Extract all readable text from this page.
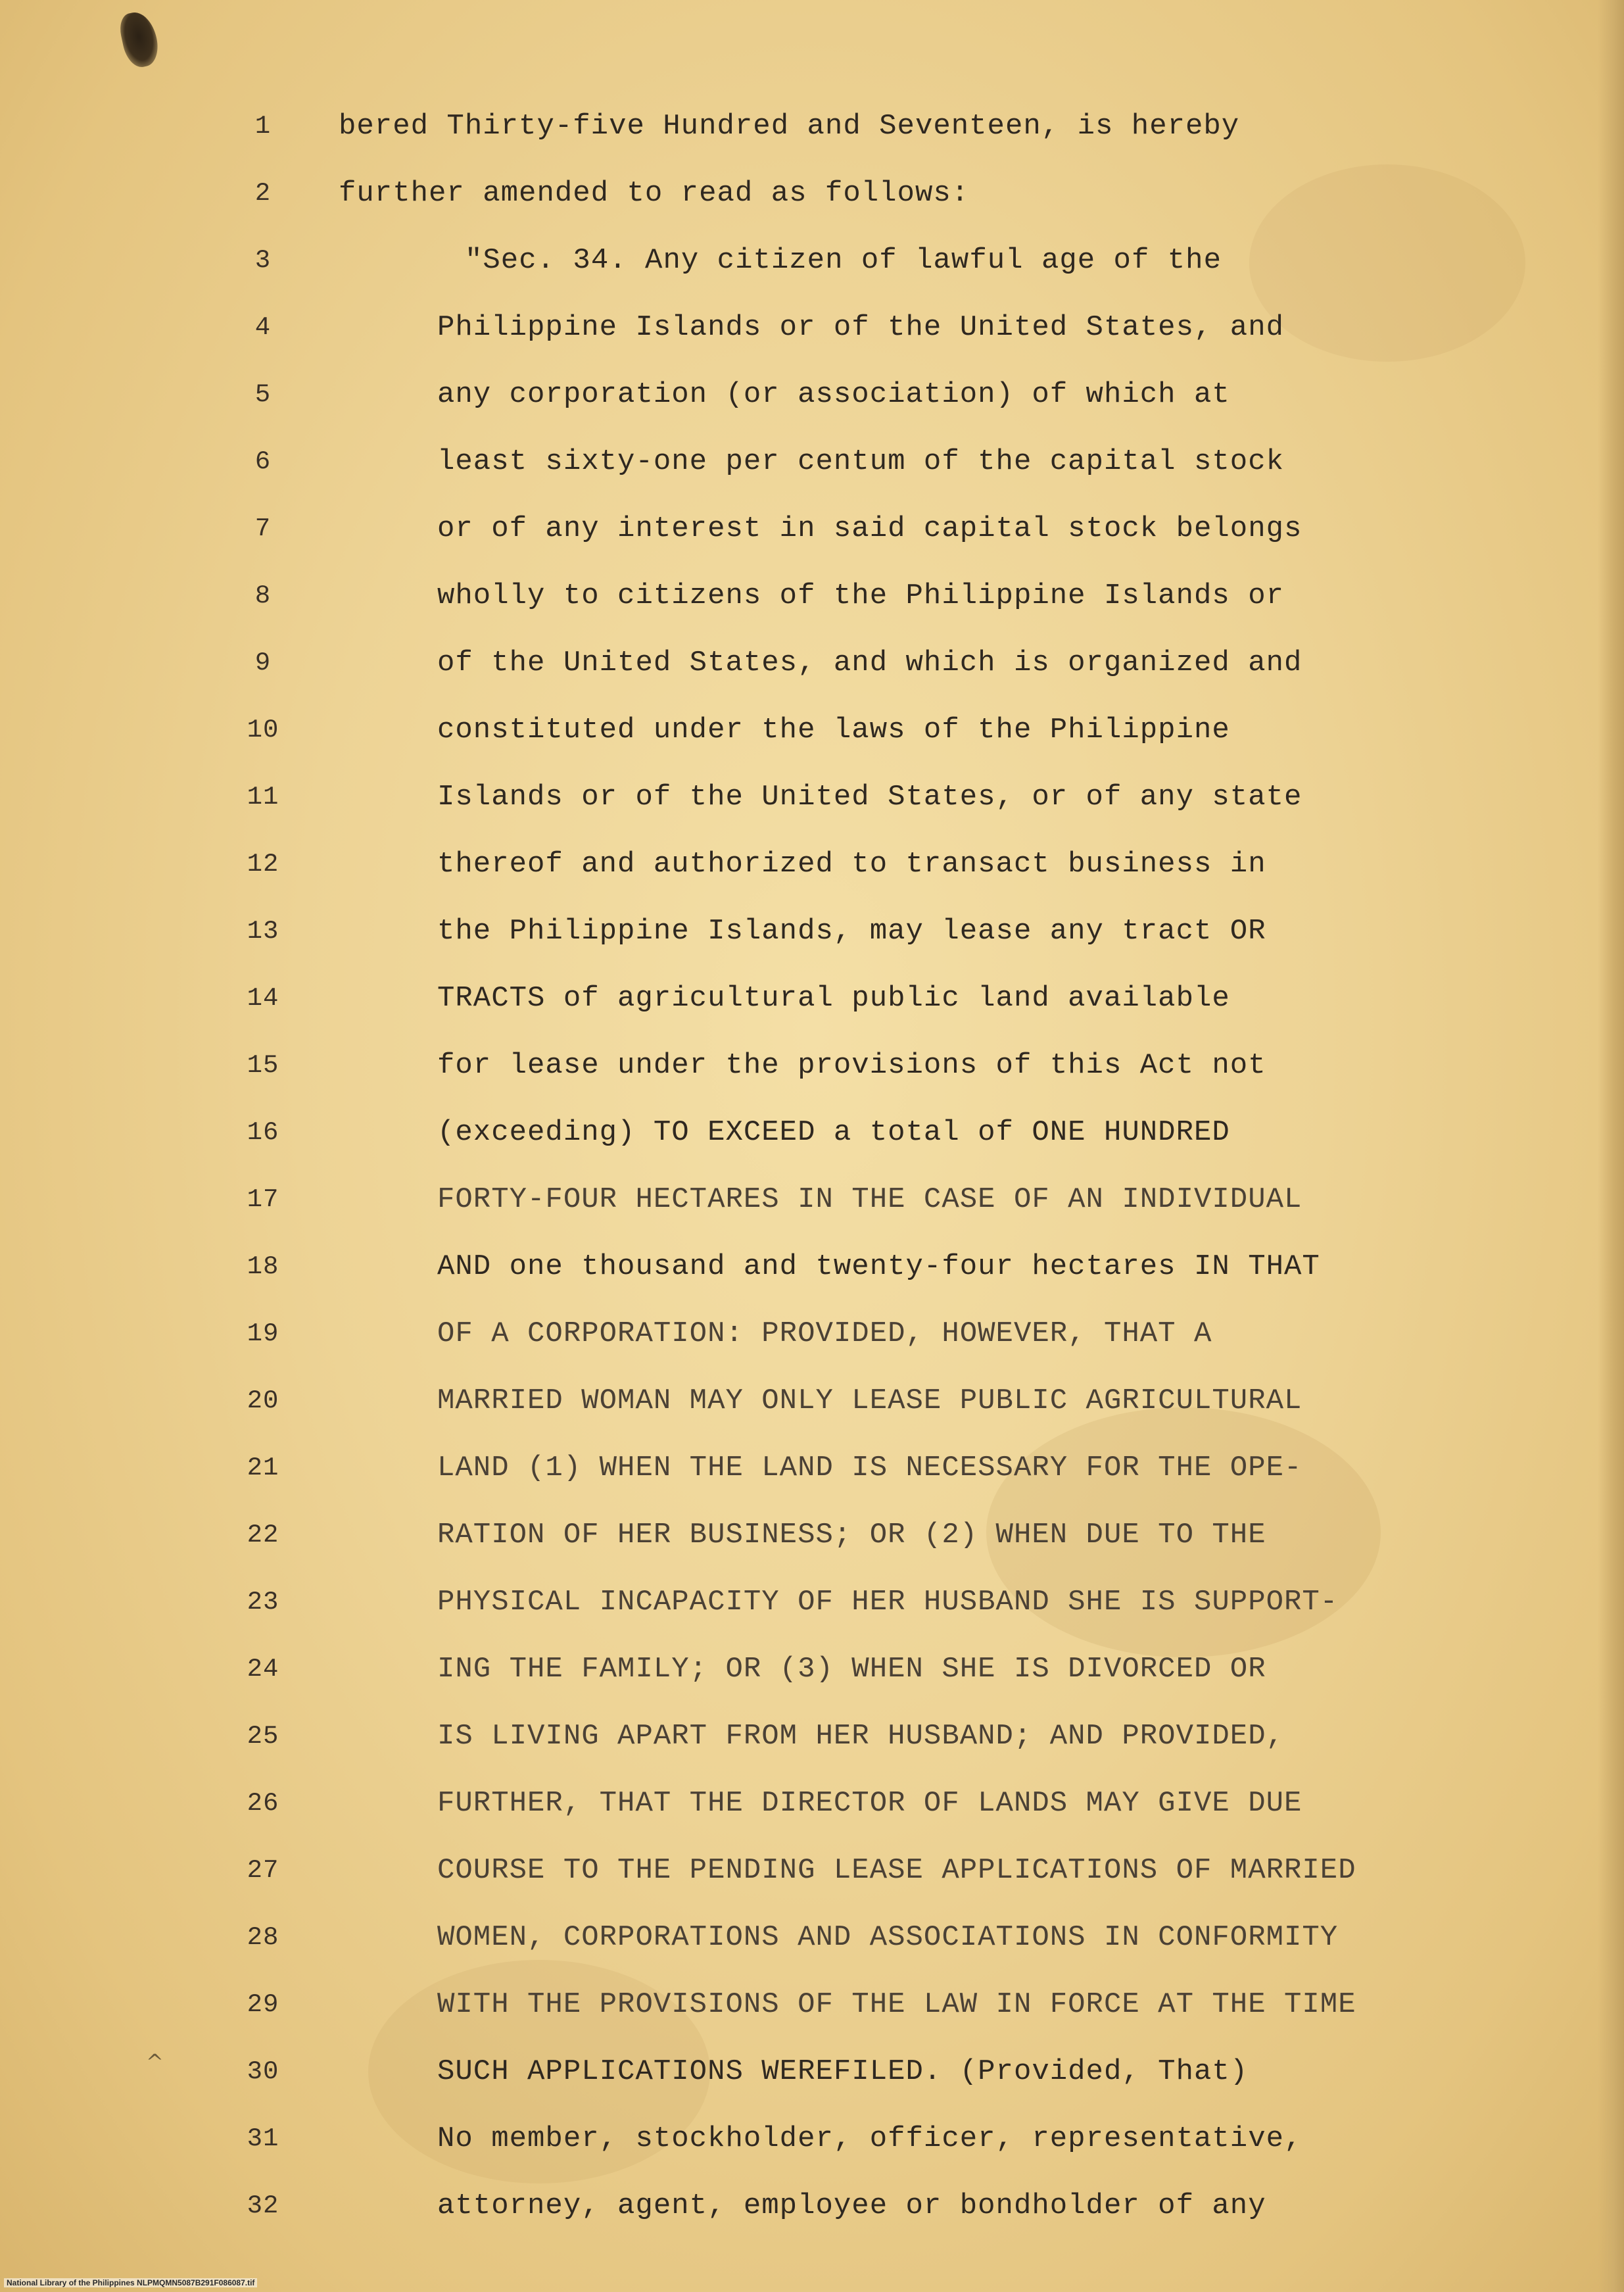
^
1	bered Thirty-five Hundred and Seventeen, is hereby
2	further amended to read as follows:
3	"Sec. 34. Any citizen of lawful age of the
4	Philippine Islands or of the United States, and
5	any corporation (or association) of which at
6	least sixty-one per centum of the capital stock
7	or of any interest in said capital stock belongs
8	wholly to citizens of the Philippine Islands or
9	of the United States, and which is organized and
10	constituted under the laws of the Philippine
11	Islands or of the United States, or of any state
12	thereof and authorized to transact business in
13	the Philippine Islands, may lease any tract OR
14	TRACTS of agricultural public land available
15	for lease under the provisions of this Act not
16	(exceeding) TO EXCEED a total of ONE HUNDRED
17	FORTY-FOUR HECTARES IN THE CASE OF AN INDIVIDUAL
18	AND one thousand and twenty-four hectares IN THAT
19	OF A CORPORATION: PROVIDED, HOWEVER, THAT A
20	MARRIED WOMAN MAY ONLY LEASE PUBLIC AGRICULTURAL
21	LAND (1) WHEN THE LAND IS NECESSARY FOR THE OPE-
22	RATION OF HER BUSINESS; OR (2) WHEN DUE TO THE
23	PHYSICAL INCAPACITY OF HER HUSBAND SHE IS SUPPORT-
24	ING THE FAMILY; OR (3) WHEN SHE IS DIVORCED OR
25	IS LIVING APART FROM HER HUSBAND; AND PROVIDED,
26	FURTHER, THAT THE DIRECTOR OF LANDS MAY GIVE DUE
27	COURSE TO THE PENDING LEASE APPLICATIONS OF MARRIED
28	WOMEN, CORPORATIONS AND ASSOCIATIONS IN CONFORMITY
29	WITH THE PROVISIONS OF THE LAW IN FORCE AT THE TIME
30	SUCH APPLICATIONS WEREFILED. (Provided, That)
31	No member, stockholder, officer, representative,
32	attorney, agent, employee or bondholder of any
National Library of the Philippines NLPMQMN5087B291F086087.tif
